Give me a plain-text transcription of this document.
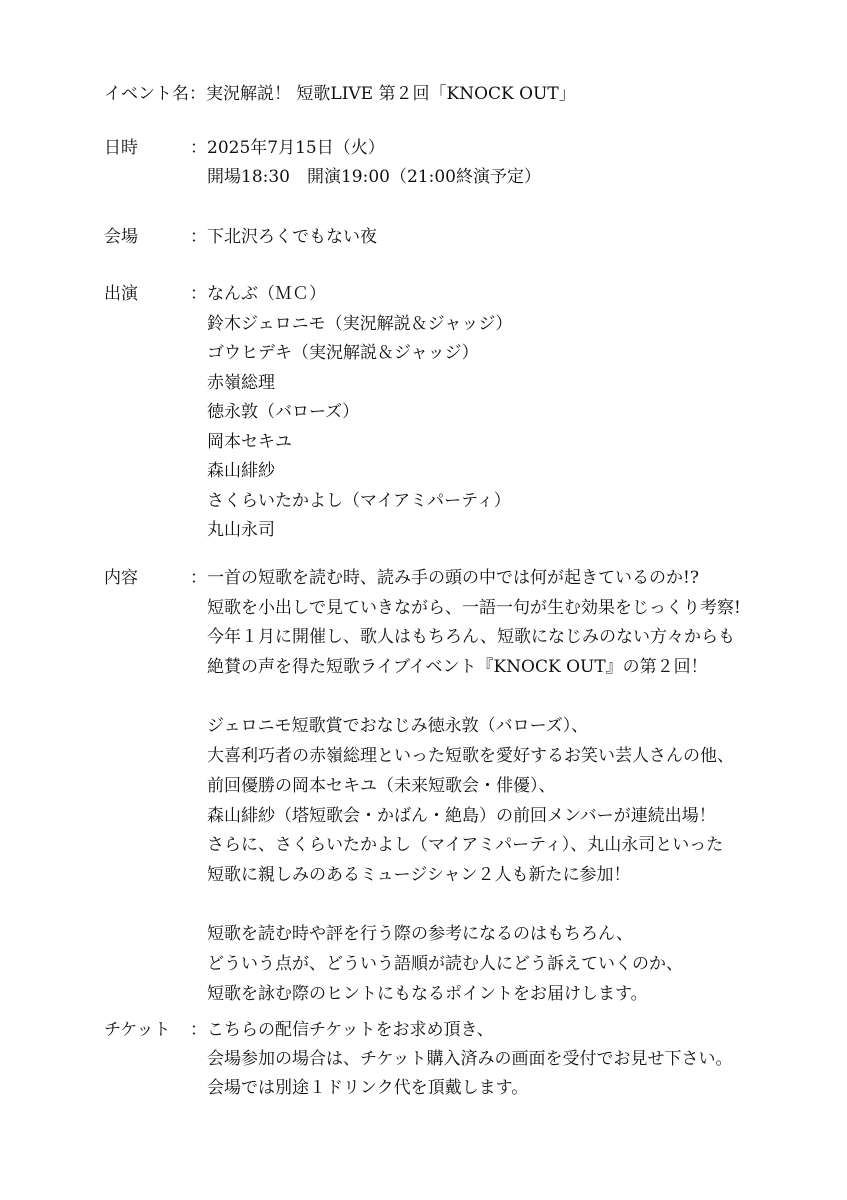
イベント名 ： 実況解説！ 短歌LIVE 第２回「KNOCK OUT」
日時	： 2025年7月15日（火）
開場18:30　開演19:00（21:00終演予定）
会場	： 下北沢ろくでもない夜
出演	： なんぶ（ＭＣ）
鈴木ジェロニモ（実況解説＆ジャッジ）
ゴウヒデキ（実況解説＆ジャッジ）
赤嶺総理
徳永敦（バローズ）
岡本セキユ
森山緋紗
さくらいたかよし（マイアミパーティ）
丸山永司
内容	： 一首の短歌を読む時、読み手の頭の中では何が起きているのか!?
短歌を小出しで見ていきながら、一語一句が生む効果をじっくり考察!
今年１月に開催し、歌人はもちろん、短歌になじみのない方々からも
絶賛の声を得た短歌ライブイベント『KNOCK OUT』の第２回！
ジェロニモ短歌賞でおなじみ徳永敦（バローズ）、
大喜利巧者の赤嶺総理といった短歌を愛好するお笑い芸人さんの他、
前回優勝の岡本セキユ（未来短歌会・俳優）、
森山緋紗（塔短歌会・かばん・絶島）の前回メンバーが連続出場！
さらに、さくらいたかよし（マイアミパーティ）、丸山永司といった
短歌に親しみのあるミュージシャン２人も新たに参加！
短歌を読む時や評を行う際の参考になるのはもちろん、
どういう点が、どういう語順が読む人にどう訴えていくのか、
短歌を詠む際のヒントにもなるポイントをお届けします。
チケット	： こちらの配信チケットをお求め頂き、
会場参加の場合は、チケット購入済みの画面を受付でお見せ下さい。
会場では別途１ドリンク代を頂戴します。
